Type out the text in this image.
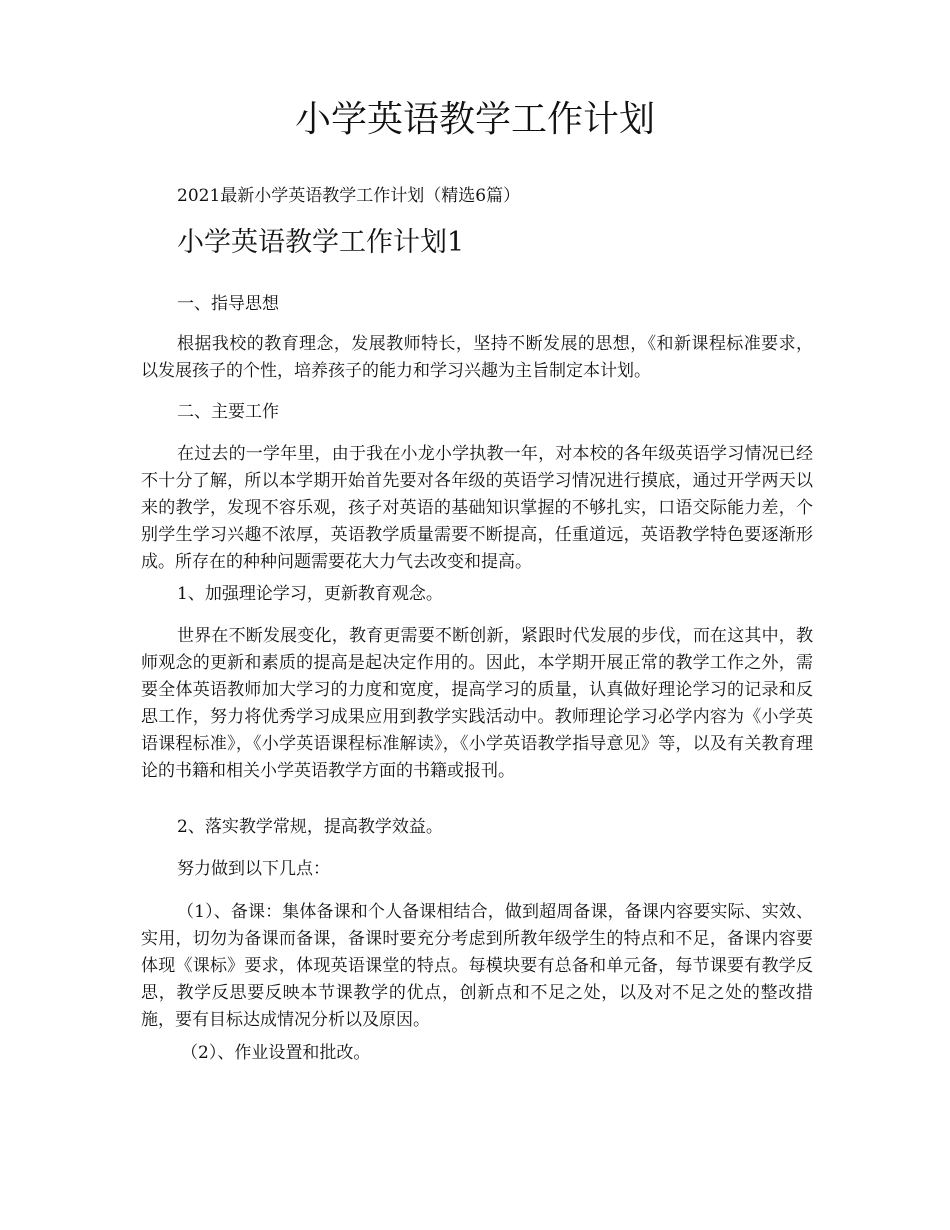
小学英语教学工作计划
2021最新小学英语教学工作计划（精选6篇）
小学英语教学工作计划1

一、指导思想

根据我校的教育理念，发展教师特长，坚持不断发展的思想，《和新课程标准要求，以发展孩子的个性，培养孩子的能力和学习兴趣为主旨制定本计划。

二、主要工作

在过去的一学年里，由于我在小龙小学执教一年，对本校的各年级英语学习情况已经不十分了解，所以本学期开始首先要对各年级的英语学习情况进行摸底，通过开学两天以来的教学，发现不容乐观，孩子对英语的基础知识掌握的不够扎实，口语交际能力差，个别学生学习兴趣不浓厚，英语教学质量需要不断提高，任重道远，英语教学特色要逐渐形成。所存在的种种问题需要花大力气去改变和提高。

1、加强理论学习，更新教育观念。

世界在不断发展变化，教育更需要不断创新，紧跟时代发展的步伐，而在这其中，教师观念的更新和素质的提高是起决定作用的。因此，本学期开展正常的教学工作之外，需要全体英语教师加大学习的力度和宽度，提高学习的质量，认真做好理论学习的记录和反思工作，努力将优秀学习成果应用到教学实践活动中。教师理论学习必学内容为《小学英语课程标准》，《小学英语课程标准解读》，《小学英语教学指导意见》等，以及有关教育理论的书籍和相关小学英语教学方面的书籍或报刊。

2、落实教学常规，提高教学效益。

努力做到以下几点：

（1）、备课：集体备课和个人备课相结合，做到超周备课，备课内容要实际、实效、实用，切勿为备课而备课，备课时要充分考虑到所教年级学生的特点和不足，备课内容要体现《课标》要求，体现英语课堂的特点。每模块要有总备和单元备，每节课要有教学反思，教学反思要反映本节课教学的优点，创新点和不足之处，以及对不足之处的整改措施，要有目标达成情况分析以及原因。

（2）、作业设置和批改。
